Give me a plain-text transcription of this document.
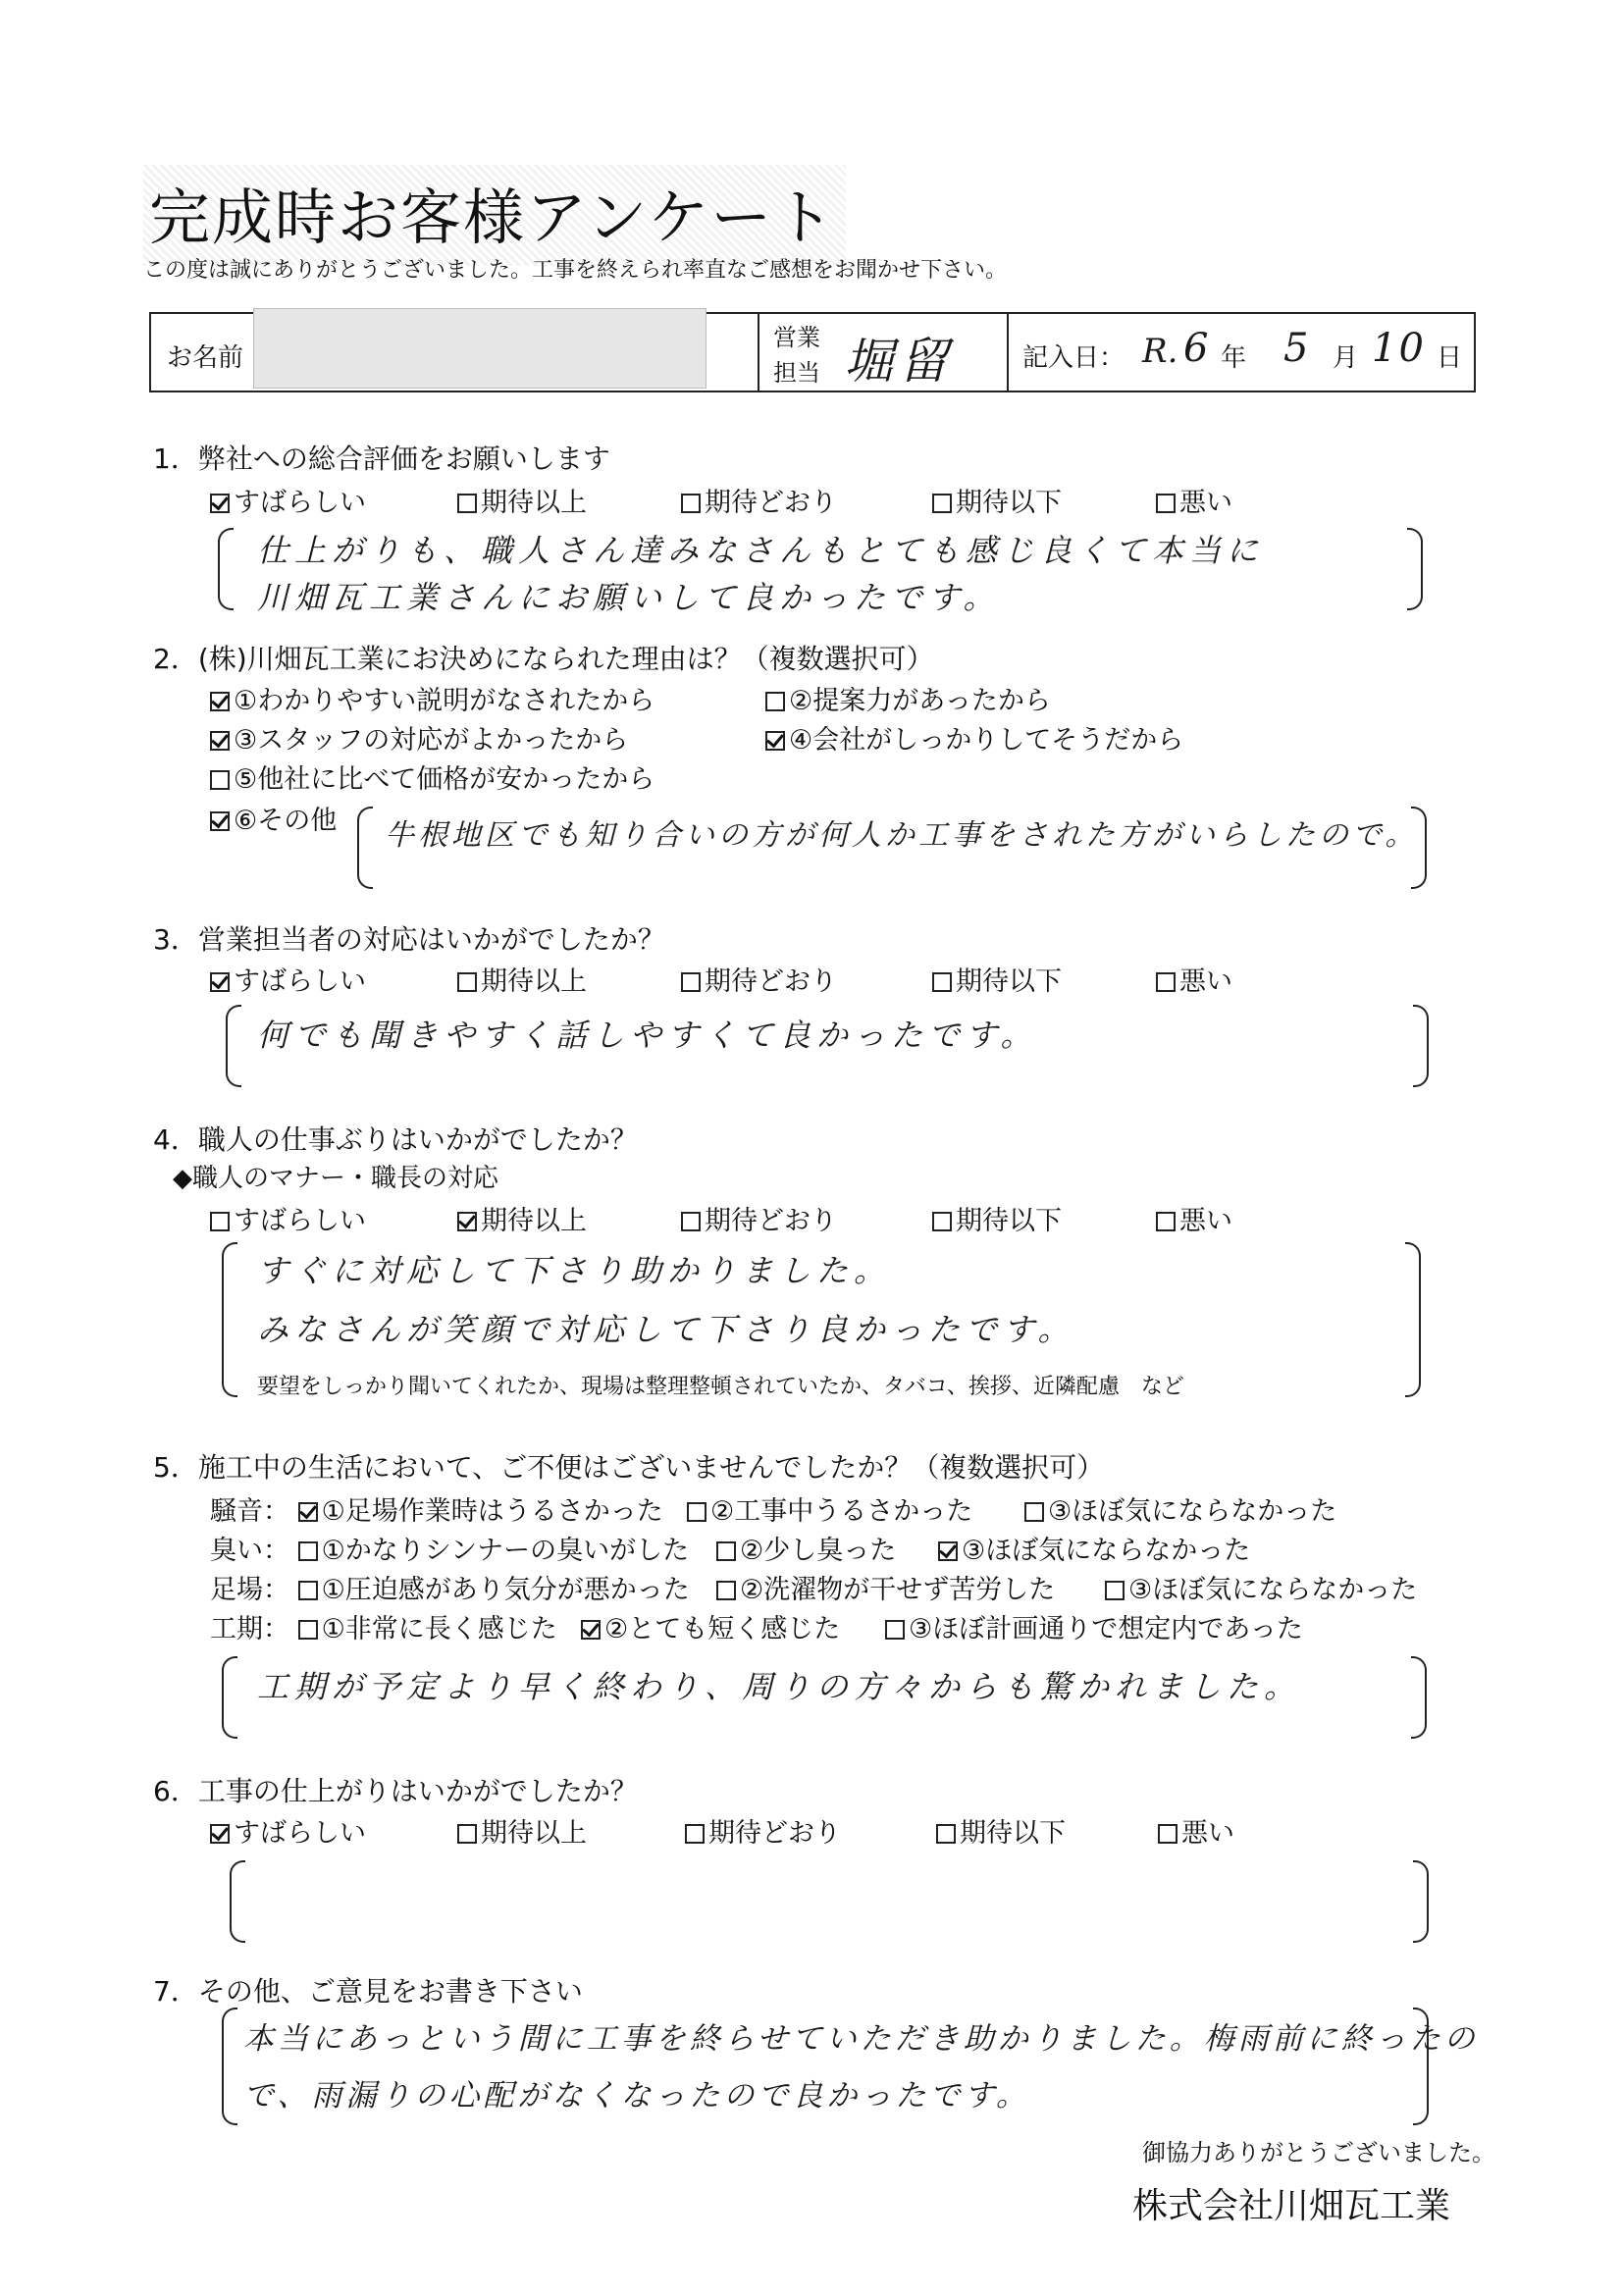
完成時お客様アンケート
この度は誠にありがとうございました。工事を終えられ率直なご感想をお聞かせ下さい。
お名前
営業
担当 堀留	記入日： R. 6 年 5 月 10 日
1．弊社への総合評価をお願いします
すばらしい	期待以上	期待どおり	期待以下	悪い
仕上がりも、職人さん達みなさんもとても感じ良くて本当に
川畑瓦工業さんにお願いして良かったです。
2．(株)川畑瓦工業にお決めになられた理由は？（複数選択可）
①わかりやすい説明がなされたから	②提案力があったから
③スタッフの対応がよかったから	④会社がしっかりしてそうだから
⑤他社に比べて価格が安かったから
⑥その他 牛根地区でも知り合いの方が何人か工事をされた方がいらしたので。
3．営業担当者の対応はいかがでしたか？
すばらしい	期待以上	期待どおり	期待以下	悪い
何でも聞きやすく話しやすくて良かったです。
4．職人の仕事ぶりはいかがでしたか？
◆職人のマナー・職長の対応
すばらしい	期待以上	期待どおり	期待以下	悪い
すぐに対応して下さり助かりました。
みなさんが笑顔で対応して下さり良かったです。
要望をしっかり聞いてくれたか、現場は整理整頓されていたか、タバコ、挨拶、近隣配慮　など
5．施工中の生活において、ご不便はございませんでしたか？（複数選択可）
騒音： ①足場作業時はうるさかった	②工事中うるさかった	③ほぼ気にならなかった
臭い： ①かなりシンナーの臭いがした	②少し臭った	③ほぼ気にならなかった
足場： ①圧迫感があり気分が悪かった	②洗濯物が干せず苦労した	③ほぼ気にならなかった
工期： ①非常に長く感じた	②とても短く感じた	③ほぼ計画通りで想定内であった
工期が予定より早く終わり、周りの方々からも驚かれました。
6．工事の仕上がりはいかがでしたか？
すばらしい	期待以上	期待どおり	期待以下	悪い
7．その他、ご意見をお書き下さい
本当にあっという間に工事を終らせていただき助かりました。梅雨前に終ったの
で、雨漏りの心配がなくなったので良かったです。
御協力ありがとうございました。
株式会社川畑瓦工業
